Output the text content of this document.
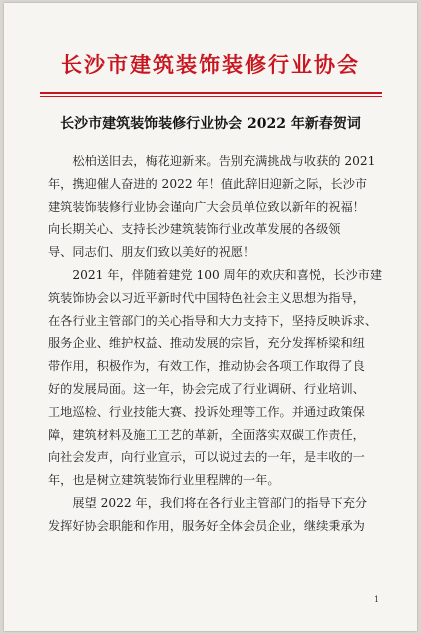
长沙市建筑装饰装修行业协会
长沙市建筑装饰装修行业协会 2022 年新春贺词
　　松柏送旧去，梅花迎新来。告别充满挑战与收获的 2021
年，携迎催人奋进的 2022 年！值此辞旧迎新之际，长沙市
建筑装饰装修行业协会谨向广大会员单位致以新年的祝福！
向长期关心、支持长沙建筑装饰行业改革发展的各级领
导、同志们、朋友们致以美好的祝愿！
　　2021 年，伴随着建党 100 周年的欢庆和喜悦，长沙市建
筑装饰协会以习近平新时代中国特色社会主义思想为指导，
在各行业主管部门的关心指导和大力支持下，坚持反映诉求、
服务企业、维护权益、推动发展的宗旨，充分发挥桥梁和纽
带作用，积极作为，有效工作，推动协会各项工作取得了良
好的发展局面。这一年，协会完成了行业调研、行业培训、
工地巡检、行业技能大赛、投诉处理等工作。并通过政策保
障，建筑材料及施工工艺的革新，全面落实双碳工作责任，
向社会发声，向行业宣示，可以说过去的一年，是丰收的一
年，也是树立建筑装饰行业里程牌的一年。
　　展望 2022 年，我们将在各行业主管部门的指导下充分
发挥好协会职能和作用，服务好全体会员企业，继续秉承为
1
